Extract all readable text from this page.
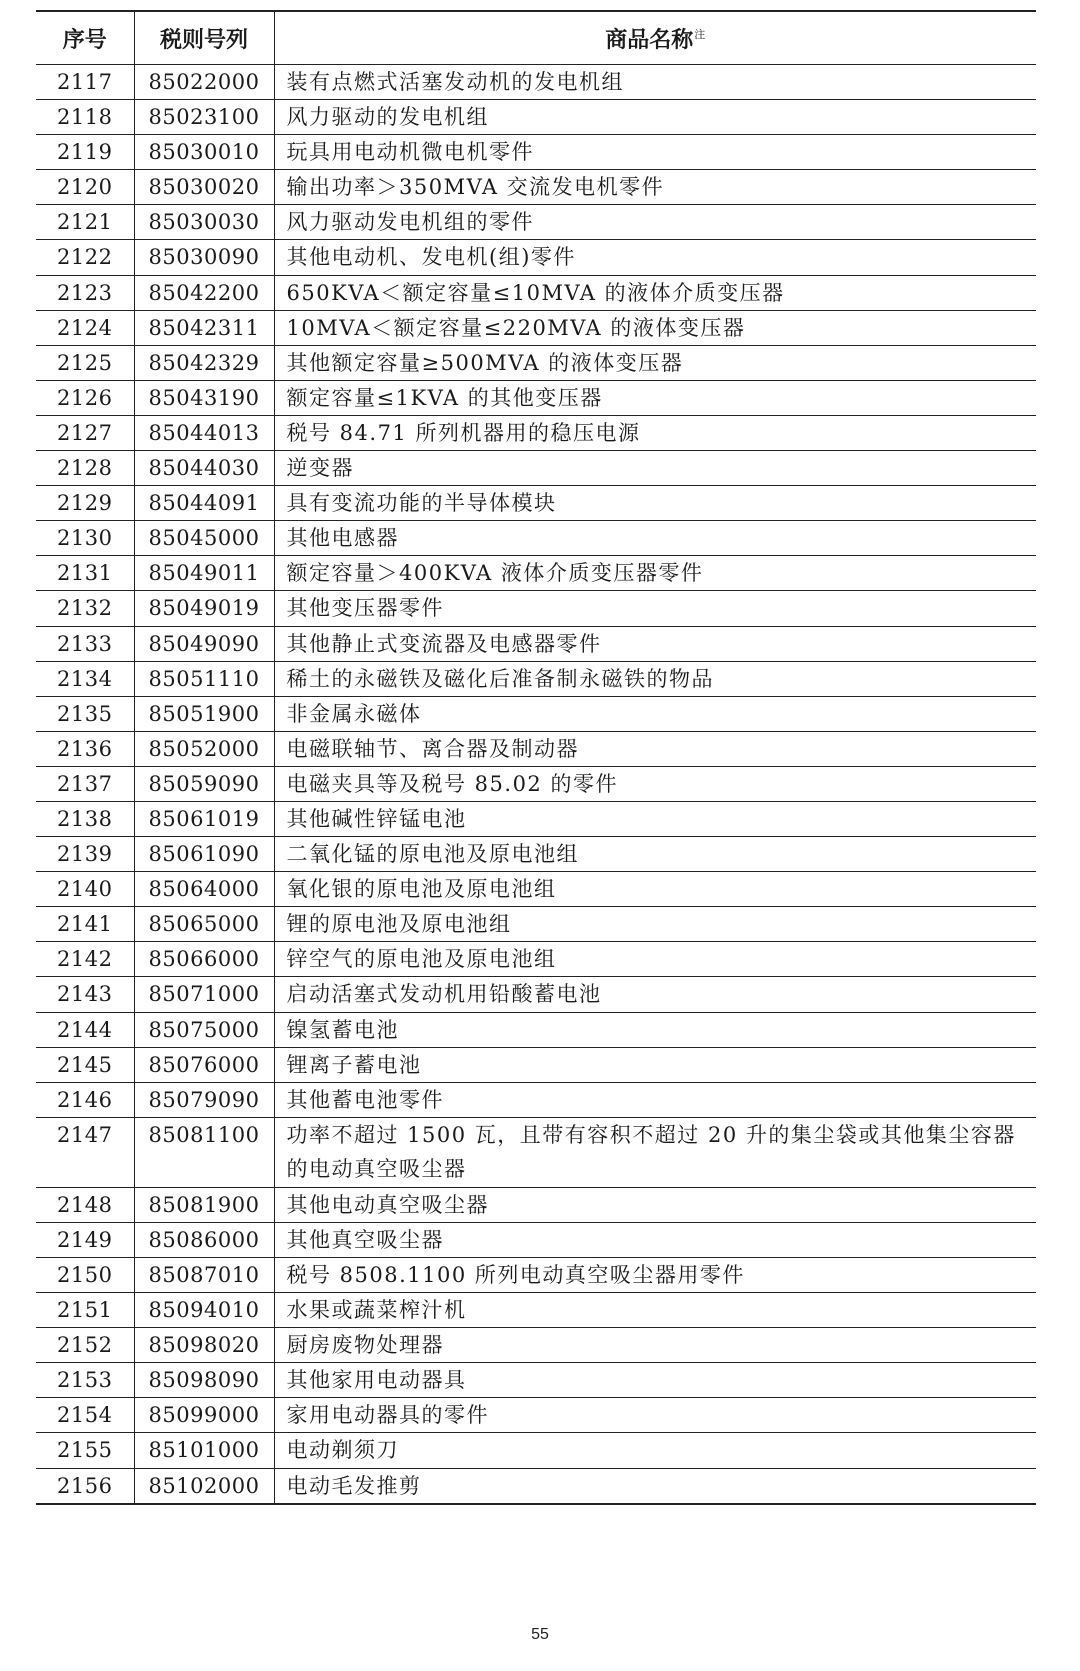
序号	税则号列	商品名称$^注$
2117	85022000	装有点燃式活塞发动机的发电机组
2118	85023100	风力驱动的发电机组
2119	85030010	玩具用电动机微电机零件
2120	85030020	输出功率＞350MVA 交流发电机零件
2121	85030030	风力驱动发电机组的零件
2122	85030090	其他电动机、发电机(组)零件
2123	85042200	650KVA＜额定容量≤10MVA 的液体介质变压器
2124	85042311	10MVA＜额定容量≤220MVA 的液体变压器
2125	85042329	其他额定容量≥500MVA 的液体变压器
2126	85043190	额定容量≤1KVA 的其他变压器
2127	85044013	税号 84.71 所列机器用的稳压电源
2128	85044030	逆变器
2129	85044091	具有变流功能的半导体模块
2130	85045000	其他电感器
2131	85049011	额定容量＞400KVA 液体介质变压器零件
2132	85049019	其他变压器零件
2133	85049090	其他静止式变流器及电感器零件
2134	85051110	稀土的永磁铁及磁化后准备制永磁铁的物品
2135	85051900	非金属永磁体
2136	85052000	电磁联轴节、离合器及制动器
2137	85059090	电磁夹具等及税号 85.02 的零件
2138	85061019	其他碱性锌锰电池
2139	85061090	二氧化锰的原电池及原电池组
2140	85064000	氧化银的原电池及原电池组
2141	85065000	锂的原电池及原电池组
2142	85066000	锌空气的原电池及原电池组
2143	85071000	启动活塞式发动机用铅酸蓄电池
2144	85075000	镍氢蓄电池
2145	85076000	锂离子蓄电池
2146	85079090	其他蓄电池零件
2147	85081100	功率不超过 1500 瓦，且带有容积不超过 20 升的集尘袋或其他集尘容器的电动真空吸尘器
2148	85081900	其他电动真空吸尘器
2149	85086000	其他真空吸尘器
2150	85087010	税号 8508.1100 所列电动真空吸尘器用零件
2151	85094010	水果或蔬菜榨汁机
2152	85098020	厨房废物处理器
2153	85098090	其他家用电动器具
2154	85099000	家用电动器具的零件
2155	85101000	电动剃须刀
2156	85102000	电动毛发推剪
55
